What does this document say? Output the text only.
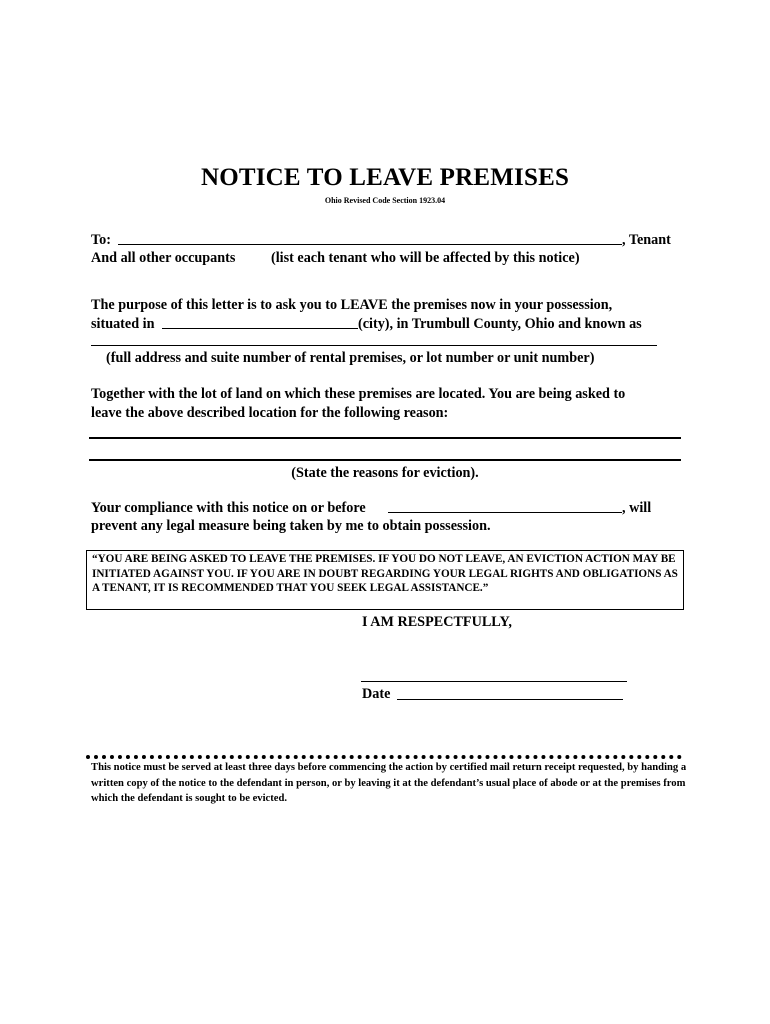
NOTICE TO LEAVE PREMISES
Ohio Revised Code Section 1923.04
To:	, Tenant
And all other occupants	(list each tenant who will be affected by this notice)
The purpose of this letter is to ask you to LEAVE the premises now in your possession,
situated in	(city), in Trumbull County, Ohio and known as
(full address and suite number of rental premises, or lot number or unit number)
Together with the lot of land on which these premises are located. You are being asked to
leave the above described location for the following reason:
(State the reasons for eviction).
Your compliance with this notice on or before	, will
prevent any legal measure being taken by me to obtain possession.
“YOU ARE BEING ASKED TO LEAVE THE PREMISES. IF YOU DO NOT LEAVE, AN EVICTION ACTION MAY BE INITIATED AGAINST YOU. IF YOU ARE IN DOUBT REGARDING YOUR LEGAL RIGHTS AND OBLIGATIONS AS A TENANT, IT IS RECOMMENDED THAT YOU SEEK LEGAL ASSISTANCE.”
I AM RESPECTFULLY,
Date
This notice must be served at least three days before commencing the action by certified mail return receipt requested, by handing a written copy of the notice to the defendant in person, or by leaving it at the defendant’s usual place of abode or at the premises from which the defendant is sought to be evicted.
